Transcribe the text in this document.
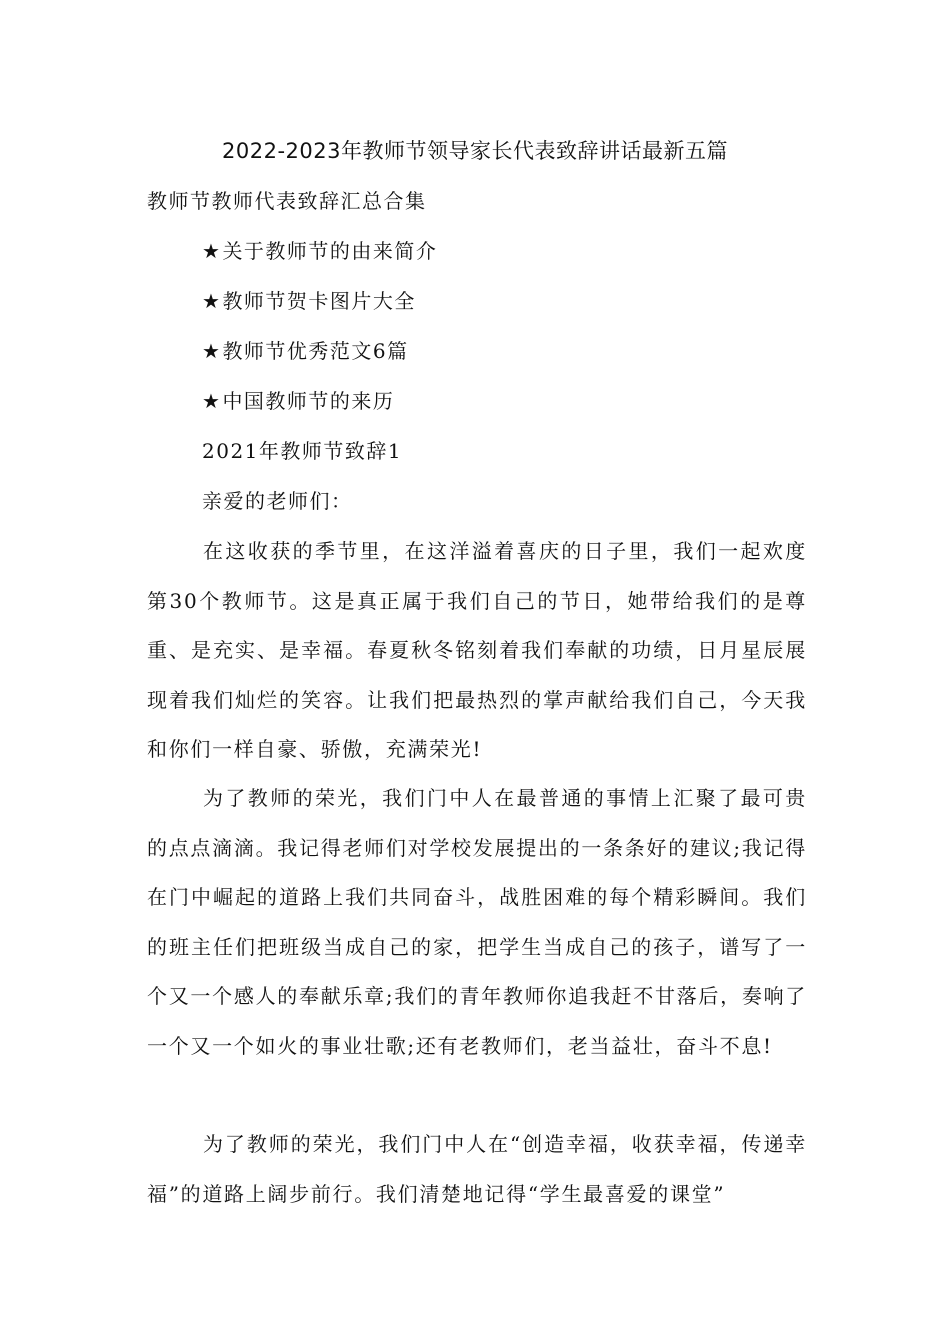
2022-2023年教师节领导家长代表致辞讲话最新五篇
教师节教师代表致辞汇总合集
★关于教师节的由来简介
★教师节贺卡图片大全
★教师节优秀范文6篇
★中国教师节的来历
2021年教师节致辞1
亲爱的老师们：
在这收获的季节里，在这洋溢着喜庆的日子里，我们一起欢度第30个教师节。这是真正属于我们自己的节日，她带给我们的是尊重、是充实、是幸福。春夏秋冬铭刻着我们奉献的功绩，日月星辰展现着我们灿烂的笑容。让我们把最热烈的掌声献给我们自己，今天我和你们一样自豪、骄傲，充满荣光!
为了教师的荣光，我们门中人在最普通的事情上汇聚了最可贵的点点滴滴。我记得老师们对学校发展提出的一条条好的建议;我记得在门中崛起的道路上我们共同奋斗，战胜困难的每个精彩瞬间。我们的班主任们把班级当成自己的家，把学生当成自己的孩子，谱写了一个又一个感人的奉献乐章;我们的青年教师你追我赶不甘落后，奏响了一个又一个如火的事业壮歌;还有老教师们，老当益壮，奋斗不息!
为了教师的荣光，我们门中人在“创造幸福，收获幸福，传递幸福”的道路上阔步前行。我们清楚地记得“学生最喜爱的课堂”
